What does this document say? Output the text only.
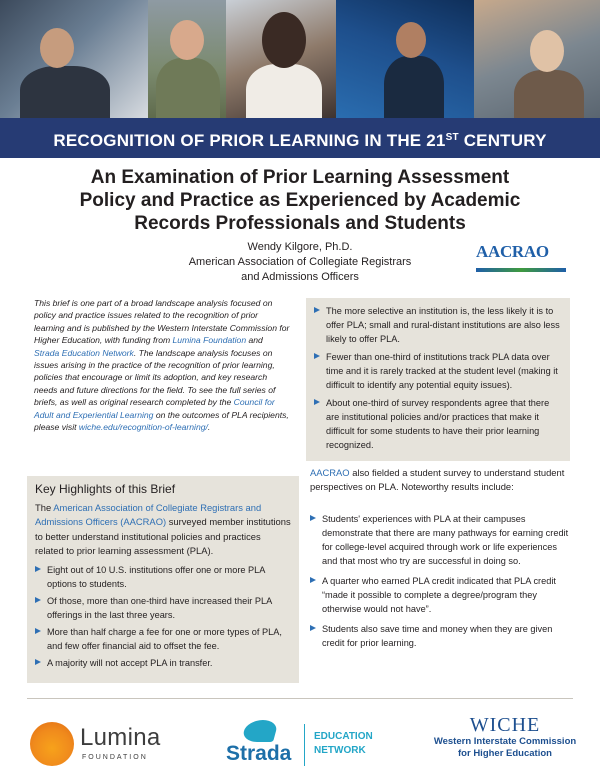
RECOGNITION OF PRIOR LEARNING IN THE 21ST CENTURY
An Examination of Prior Learning Assessment
Policy and Practice as Experienced by Academic
Records Professionals and Students
Wendy Kilgore, Ph.D.
American Association of Collegiate Registrars
and Admissions Officers
AACRAO
This brief is one part of a broad landscape analysis focused on policy and practice issues related to the recognition of prior learning and is published by the Western Interstate Commission for Higher Education, with funding from Lumina Foundation and Strada Education Network. The landscape analysis focuses on issues arising in the practice of the recognition of prior learning, policies that encourage or limit its adoption, and key research needs and future directions for the field. To see the full series of briefs, as well as original research completed by the Council for Adult and Experiential Learning on the outcomes of PLA recipients, please visit wiche.edu/recognition-of-learning/.
Key Highlights of this Brief
The American Association of Collegiate Registrars and Admissions Officers (AACRAO) surveyed member institutions to better understand institutional policies and practices related to prior learning assessment (PLA).
Eight out of 10 U.S. institutions offer one or more PLA options to students.
Of those, more than one-third have increased their PLA offerings in the last three years.
More than half charge a fee for one or more types of PLA, and few offer financial aid to offset the fee.
A majority will not accept PLA in transfer.
The more selective an institution is, the less likely it is to offer PLA; small and rural-distant institutions are also less likely to offer PLA.
Fewer than one-third of institutions track PLA data over time and it is rarely tracked at the student level (making it difficult to identify any potential equity issues).
About one-third of survey respondents agree that there are institutional policies and/or practices that make it difficult for some students to have their prior learning recognized.
AACRAO also fielded a student survey to understand student perspectives on PLA. Noteworthy results include:
Students' experiences with PLA at their campuses demonstrate that there are many pathways for earning credit for college-level acquired through work or life experiences and that most who try are successful in doing so.
A quarter who earned PLA credit indicated that PLA credit “made it possible to complete a degree/program they otherwise would not have”.
Students also save time and money when they are given credit for prior learning.
Lumina
FOUNDATION	Strada
EDUCATION
NETWORK
WICHE
Western Interstate Commission
for Higher Education
